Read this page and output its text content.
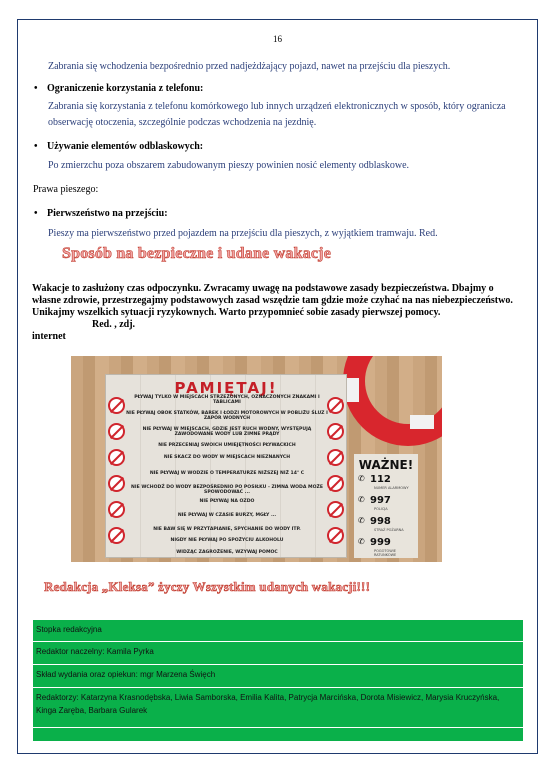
16
Zabrania się wchodzenia bezpośrednio przed nadjeżdżający pojazd, nawet na przejściu dla pieszych.
• Ograniczenie korzystania z telefonu:
Zabrania się korzystania z telefonu komórkowego lub innych urządzeń elektronicznych w sposób, który ogranicza obserwację otoczenia, szczególnie podczas wchodzenia na jezdnię.
• Używanie elementów odblaskowych:
Po zmierzchu poza obszarem zabudowanym pieszy powinien nosić elementy odblaskowe.
Prawa pieszego:
• Pierwszeństwo na przejściu:
Pieszy ma pierwszeństwo przed pojazdem na przejściu dla pieszych, z wyjątkiem tramwaju. Red.
Sposób na bezpieczne i udane wakacje
Wakacje to zasłużony czas odpoczynku. Zwracamy uwagę na podstawowe zasady bezpieczeństwa. Dbajmy o własne zdrowie, przestrzegajmy podstawowych zasad wszędzie tam gdzie może czyhać na nas niebezpieczeństwo. Unikajmy wszelkich sytuacji ryzykownych. Warto przypomnieć sobie zasady pierwszej pomocy. Red. , zdj.
internet
PAMIĘTAJ!
PŁYWAJ TYLKO W MIEJSCACH STRZEŻONYCH, OZNACZONYCH ZNAKAMI I TABLICAMI
NIE PŁYWAJ OBOK STATKÓW, BAREK I ŁODZI MOTOROWYCH W POBLIŻU ŚLUZ I ZAPÓR WODNYCH
NIE PŁYWAJ W MIEJSCACH, GDZIE JEST RUCH WODNY, WYSTĘPUJĄ ZAWODOWANE WODY LUB ZIMNE PRĄDY
NIE PRZECENIAJ SWOICH UMIEJĘTNOŚCI PŁYWACKICH
NIE SKACZ DO WODY W MIEJSCACH NIEZNANYCH
NIE PŁYWAJ W WODZIE O TEMPERATURZE NIŻSZEJ NIŻ 14° C
NIE WCHODŹ DO WODY BEZPOŚREDNIO PO POSIŁKU - ZIMNA WODA MOŻE SPOWODOWAĆ ...
NIE PŁYWAJ NA OZDO
NIE PŁYWAJ W CZASIE BURZY, MGŁY ...
NIE BAW SIĘ W PRZYTAPIANIE, SPYCHANIE DO WODY ITP.
NIGDY NIE PŁYWAJ PO SPOŻYCIU ALKOHOLU
WIDZĄC ZAGROŻENIE, WZYWAJ POMOC
WAŻNE!
✆ 112
NUMER ALARMOWY
✆ 997
POLICJA
✆ 998
STRAŻ POŻARNA
✆ 999
POGOTOWIE RATUNKOWE
Redakcja „Kleksa” życzy Wszystkim udanych wakacji!!!
Stopka redakcyjna
Redaktor naczelny: Kamila Pyrka
Skład wydania oraz opiekun: mgr Marzena Święch
Redaktorzy: Katarzyna Krasnodębska, Liwia Samborska, Emilia Kalita, Patrycja Marcińska, Dorota Misiewicz, Marysia Kruczyńska, Kinga Zaręba, Barbara Gularek
